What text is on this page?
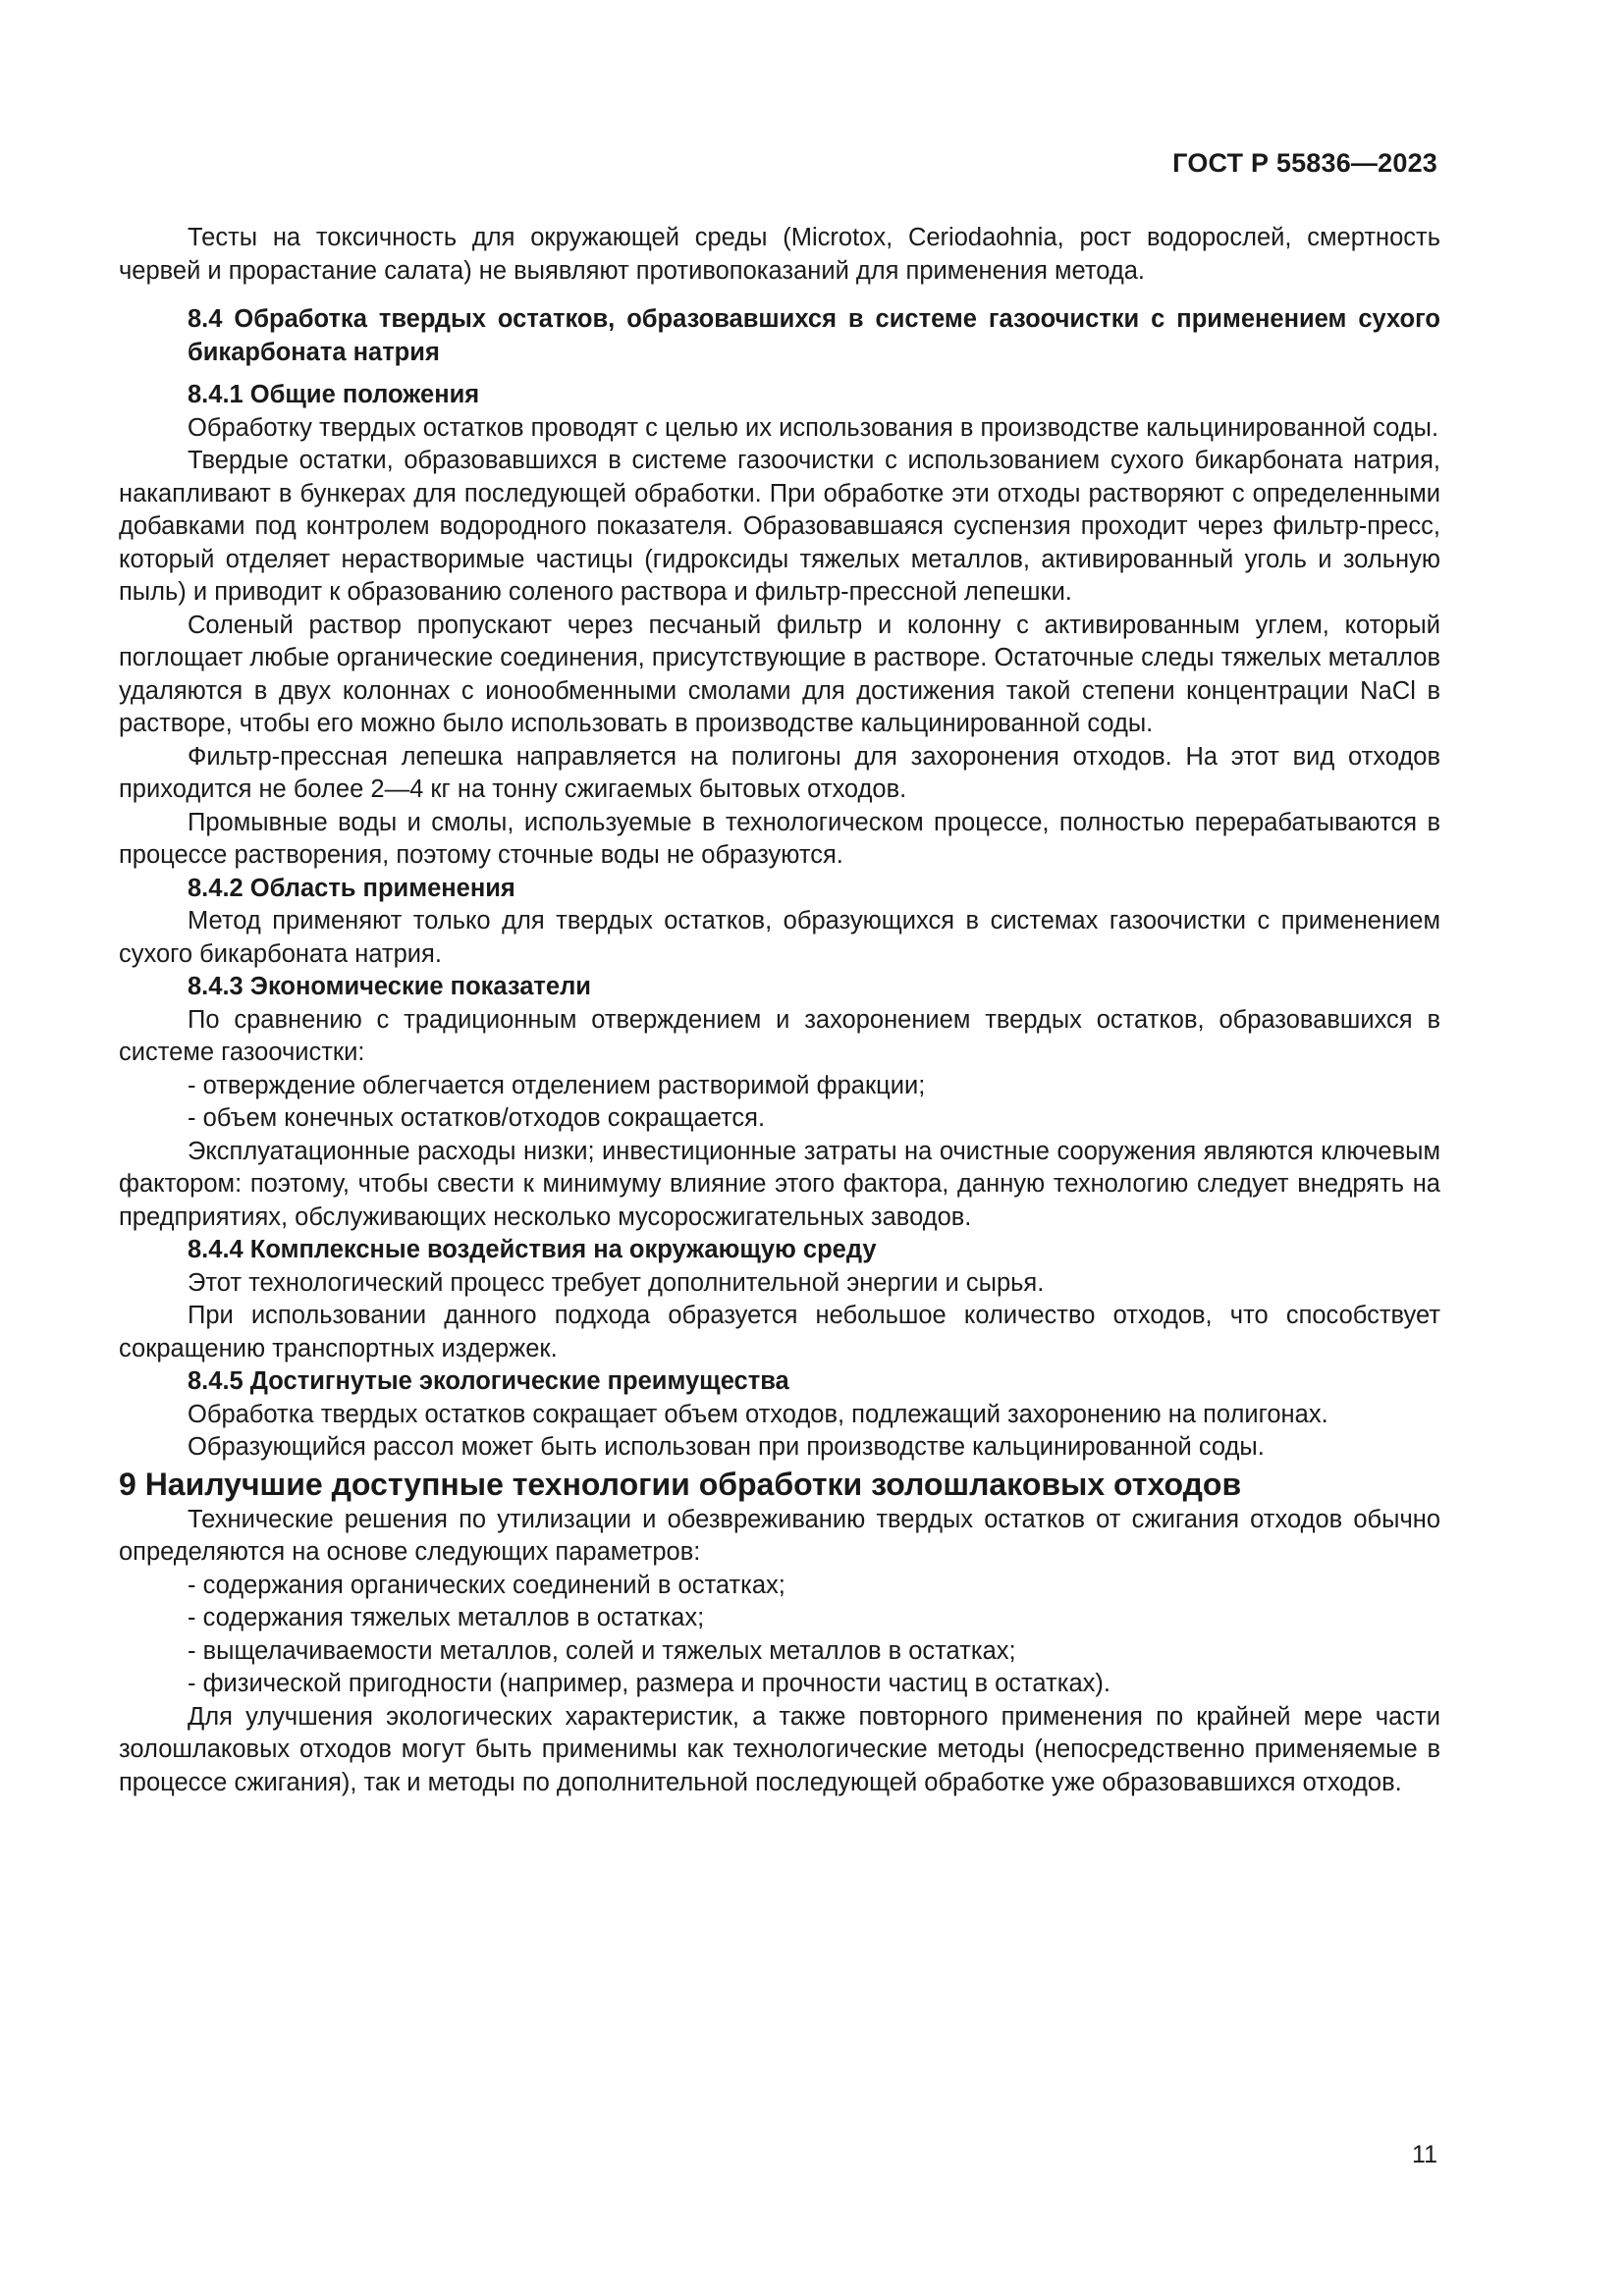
ГОСТ Р 55836—2023

Тесты на токсичность для окружающей среды (Microtox, Ceriodaohnia, рост водорослей, смертность червей и прорастание салата) не выявляют противопоказаний для применения метода.

8.4 Обработка твердых остатков, образовавшихся в системе газоочистки с применением сухого бикарбоната натрия

8.4.1 Общие положения

Обработку твердых остатков проводят с целью их использования в производстве кальцинированной соды.

Твердые остатки, образовавшихся в системе газоочистки с использованием сухого бикарбоната натрия, накапливают в бункерах для последующей обработки. При обработке эти отходы растворяют с определенными добавками под контролем водородного показателя. Образовавшаяся суспензия проходит через фильтр-пресс, который отделяет нерастворимые частицы (гидроксиды тяжелых металлов, активированный уголь и зольную пыль) и приводит к образованию соленого раствора и фильтр-прессной лепешки.

Соленый раствор пропускают через песчаный фильтр и колонну с активированным углем, который поглощает любые органические соединения, присутствующие в растворе. Остаточные следы тяжелых металлов удаляются в двух колоннах с ионообменными смолами для достижения такой степени концентрации NaCl в растворе, чтобы его можно было использовать в производстве кальцинированной соды.

Фильтр-прессная лепешка направляется на полигоны для захоронения отходов. На этот вид отходов приходится не более 2—4 кг на тонну сжигаемых бытовых отходов.

Промывные воды и смолы, используемые в технологическом процессе, полностью перерабатываются в процессе растворения, поэтому сточные воды не образуются.

8.4.2 Область применения

Метод применяют только для твердых остатков, образующихся в системах газоочистки с применением сухого бикарбоната натрия.

8.4.3 Экономические показатели

По сравнению с традиционным отверждением и захоронением твердых остатков, образовавшихся в системе газоочистки:

- отверждение облегчается отделением растворимой фракции;

- объем конечных остатков/отходов сокращается.

Эксплуатационные расходы низки; инвестиционные затраты на очистные сооружения являются ключевым фактором: поэтому, чтобы свести к минимуму влияние этого фактора, данную технологию следует внедрять на предприятиях, обслуживающих несколько мусоросжигательных заводов.

8.4.4 Комплексные воздействия на окружающую среду

Этот технологический процесс требует дополнительной энергии и сырья.

При использовании данного подхода образуется небольшое количество отходов, что способствует сокращению транспортных издержек.

8.4.5 Достигнутые экологические преимущества

Обработка твердых остатков сокращает объем отходов, подлежащий захоронению на полигонах.

Образующийся рассол может быть использован при производстве кальцинированной соды.

9 Наилучшие доступные технологии обработки золошлаковых отходов

Технические решения по утилизации и обезвреживанию твердых остатков от сжигания отходов обычно определяются на основе следующих параметров:

- содержания органических соединений в остатках;

- содержания тяжелых металлов в остатках;

- выщелачиваемости металлов, солей и тяжелых металлов в остатках;

- физической пригодности (например, размера и прочности частиц в остатках).

Для улучшения экологических характеристик, а также повторного применения по крайней мере части золошлаковых отходов могут быть применимы как технологические методы (непосредственно применяемые в процессе сжигания), так и методы по дополнительной последующей обработке уже образовавшихся отходов.

11
